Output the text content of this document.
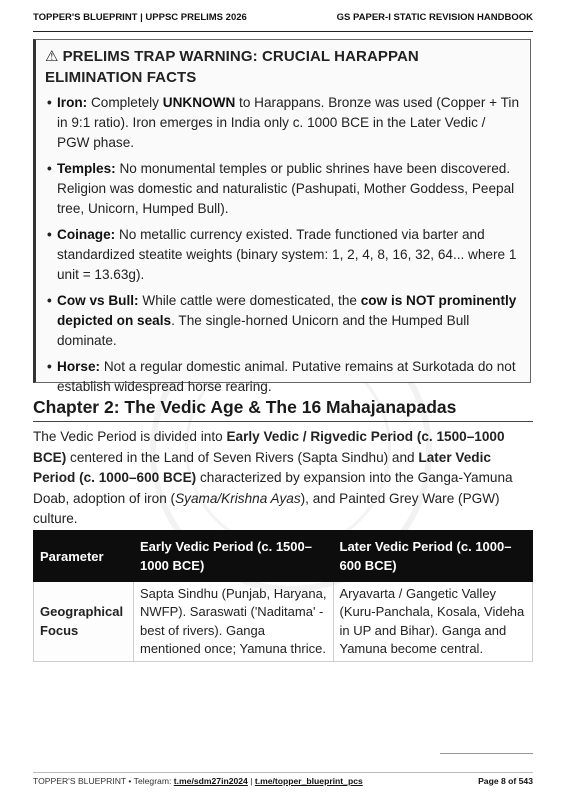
TOPPER'S BLUEPRINT | UPPSC PRELIMS 2026	GS PAPER-I STATIC REVISION HANDBOOK
⚠ PRELIMS TRAP WARNING: CRUCIAL HARAPPAN ELIMINATION FACTS
• Iron: Completely UNKNOWN to Harappans. Bronze was used (Copper + Tin in 9:1 ratio). Iron emerges in India only c. 1000 BCE in the Later Vedic / PGW phase.
• Temples: No monumental temples or public shrines have been discovered. Religion was domestic and naturalistic (Pashupati, Mother Goddess, Peepal tree, Unicorn, Humped Bull).
• Coinage: No metallic currency existed. Trade functioned via barter and standardized steatite weights (binary system: 1, 2, 4, 8, 16, 32, 64... where 1 unit = 13.63g).
• Cow vs Bull: While cattle were domesticated, the cow is NOT prominently depicted on seals. The single-horned Unicorn and the Humped Bull dominate.
• Horse: Not a regular domestic animal. Putative remains at Surkotada do not establish widespread horse rearing.
Chapter 2: The Vedic Age & The 16 Mahajanapadas
The Vedic Period is divided into Early Vedic / Rigvedic Period (c. 1500–1000 BCE) centered in the Land of Seven Rivers (Sapta Sindhu) and Later Vedic Period (c. 1000–600 BCE) characterized by expansion into the Ganga-Yamuna Doab, adoption of iron (Syama/Krishna Ayas), and Painted Grey Ware (PGW) culture.
Parameter	Early Vedic Period (c. 1500–1000 BCE)	Later Vedic Period (c. 1000–600 BCE)
Geographical Focus	Sapta Sindhu (Punjab, Haryana, NWFP). Saraswati ('Naditama' - best of rivers). Ganga mentioned once; Yamuna thrice.	Aryavarta / Gangetic Valley (Kuru-Panchala, Kosala, Videha in UP and Bihar). Ganga and Yamuna become central.
TOPPER'S BLUEPRINT • Telegram: t.me/sdm27in2024 | t.me/topper_blueprint_pcs	Page 8 of 543
